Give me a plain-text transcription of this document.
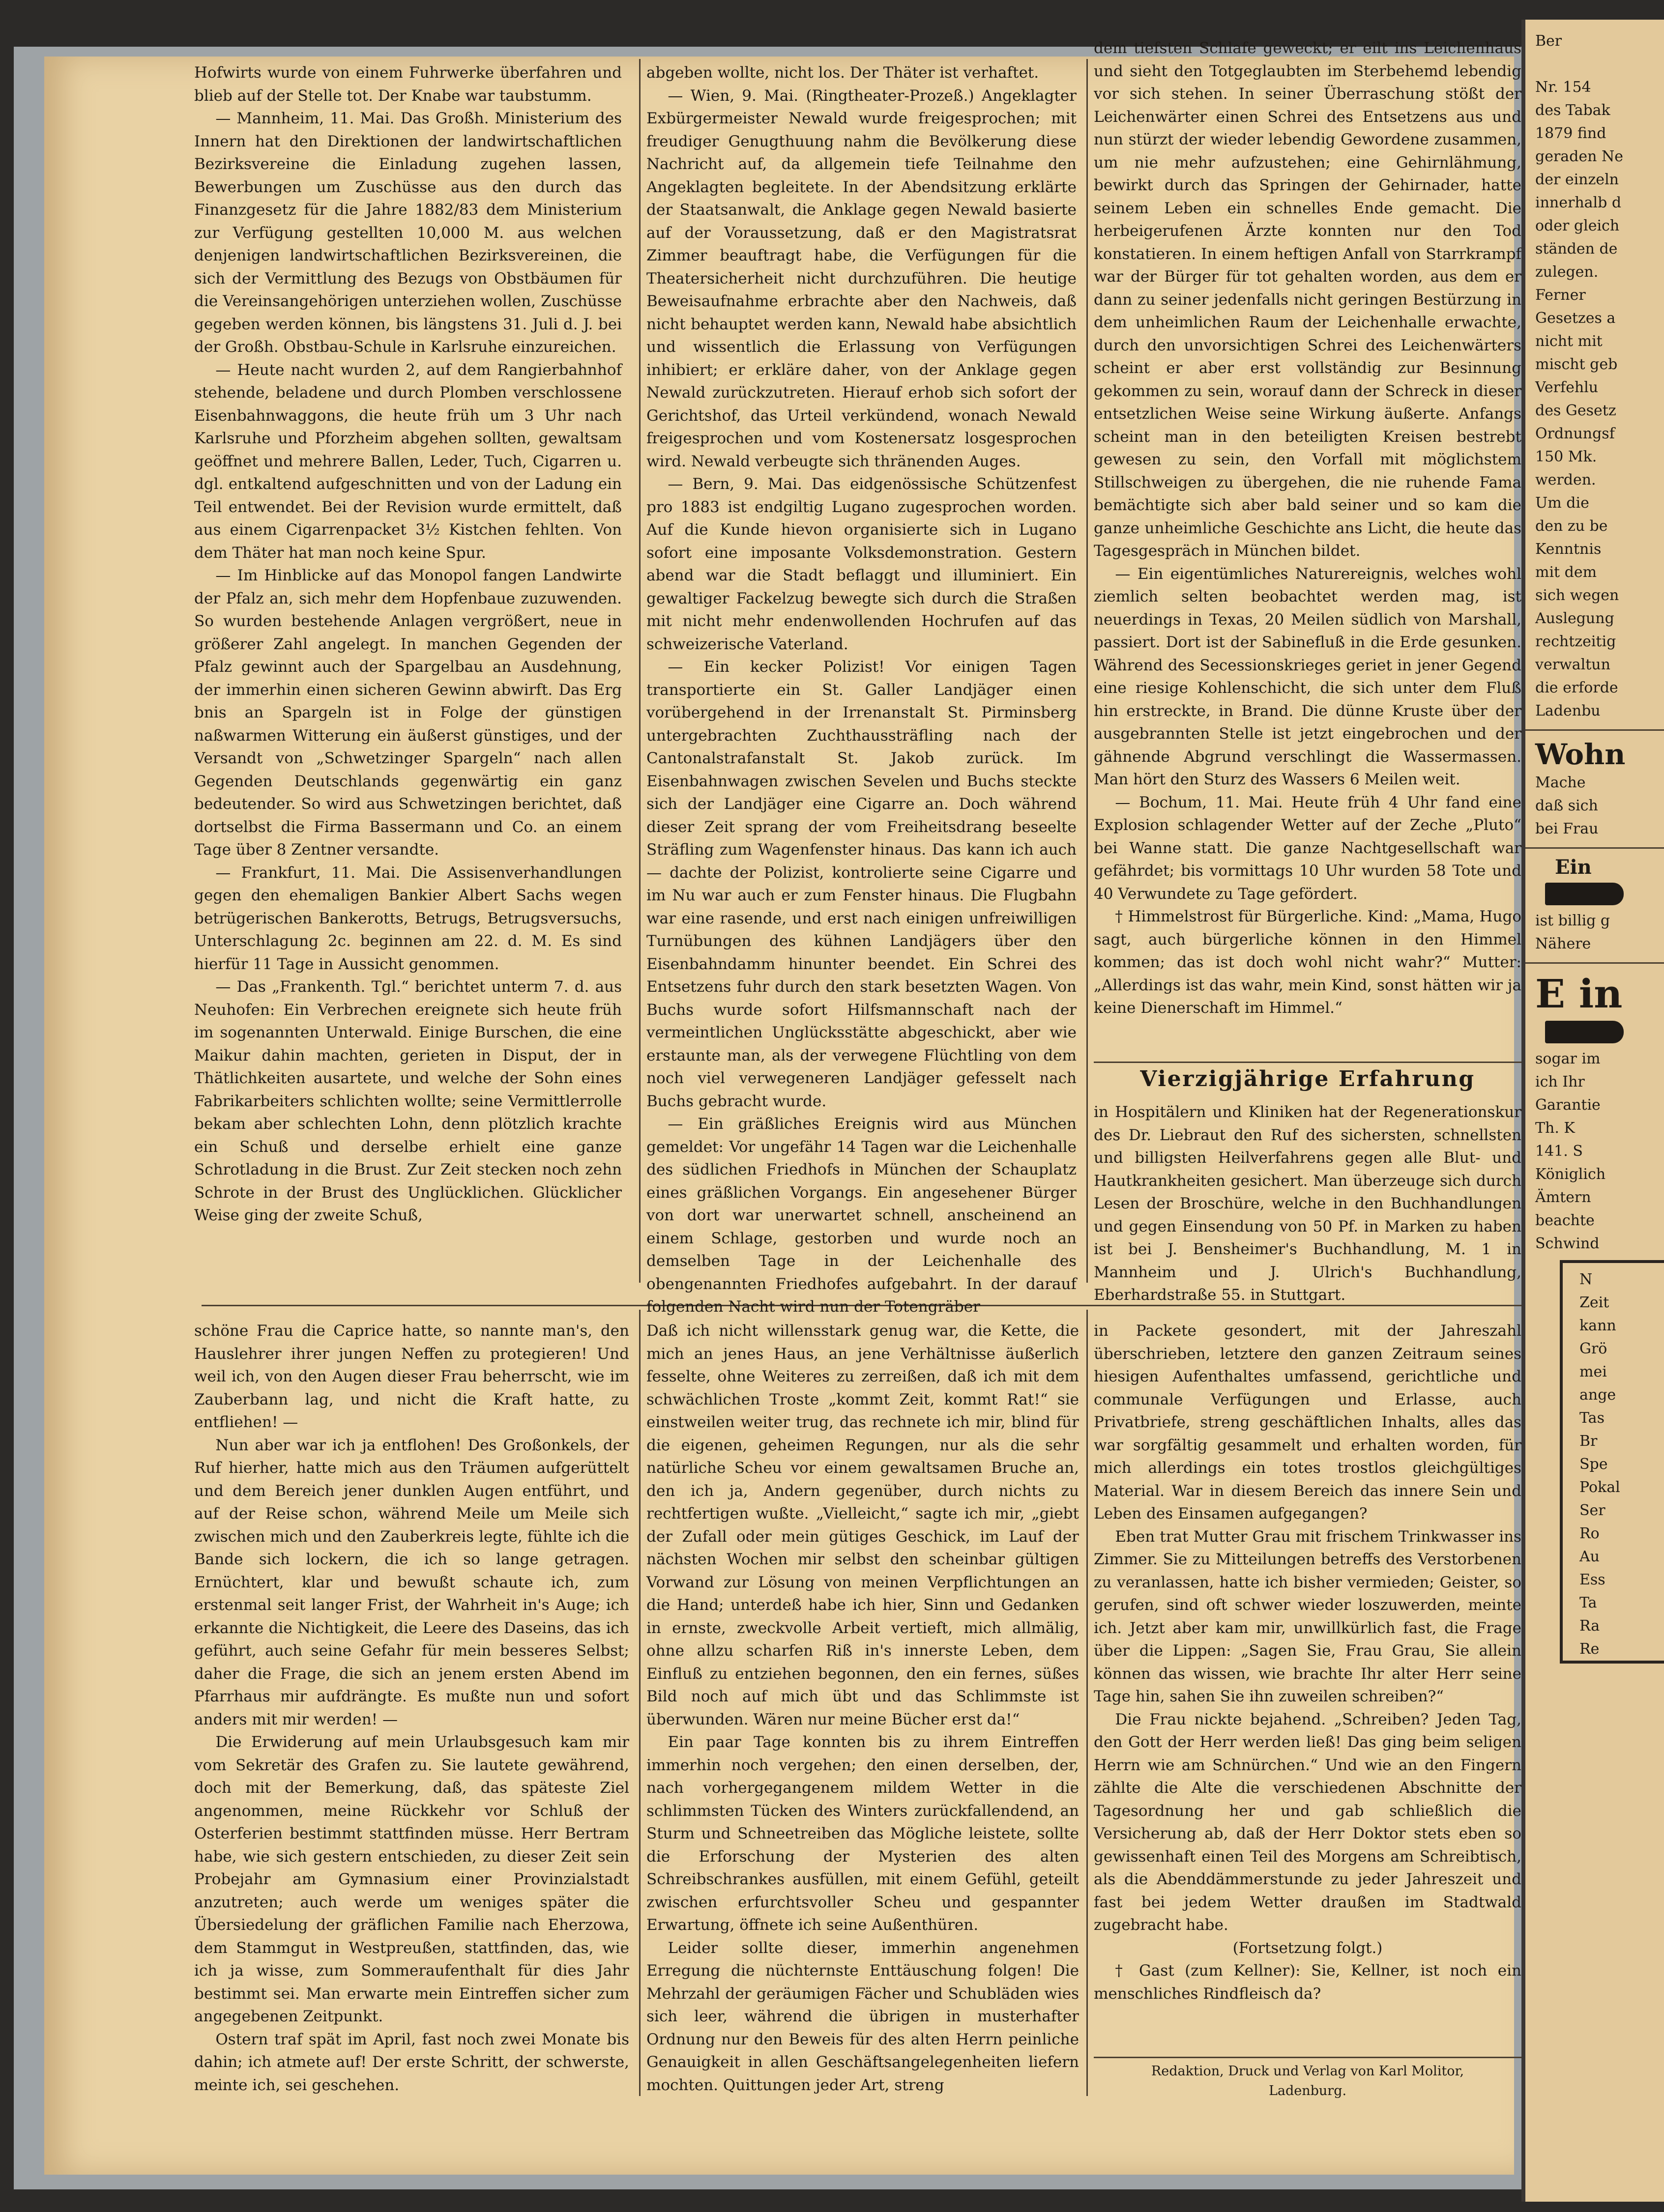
Hofwirts wurde von einem Fuhrwerke überfahren und blieb auf der Stelle tot. Der Knabe war taubstumm.

— Mannheim, 11. Mai. Das Großh. Ministerium des Innern hat den Direktionen der landwirtschaftlichen Bezirksvereine die Einladung zugehen lassen, Bewerbungen um Zuschüsse aus den durch das Finanzgesetz für die Jahre 1882/83 dem Ministerium zur Verfügung gestellten 10,000 M. aus welchen denjenigen landwirtschaftlichen Bezirksvereinen, die sich der Vermittlung des Bezugs von Obstbäumen für die Vereinsangehörigen unterziehen wollen, Zuschüsse gegeben werden können, bis längstens 31. Juli d. J. bei der Großh. Obstbau-Schule in Karlsruhe einzureichen.

— Heute nacht wurden 2, auf dem Rangierbahnhof stehende, beladene und durch Plomben verschlossene Eisenbahnwaggons, die heute früh um 3 Uhr nach Karlsruhe und Pforzheim abgehen sollten, gewaltsam geöffnet und mehrere Ballen, Leder, Tuch, Cigarren u. dgl. entkaltend aufgeschnitten und von der Ladung ein Teil entwendet. Bei der Revision wurde ermittelt, daß aus einem Cigarrenpacket 3½ Kistchen fehlten. Von dem Thäter hat man noch keine Spur.

— Im Hinblicke auf das Monopol fangen Landwirte der Pfalz an, sich mehr dem Hopfenbaue zuzuwenden. So wurden bestehende Anlagen vergrößert, neue in größerer Zahl angelegt. In manchen Gegenden der Pfalz gewinnt auch der Spargelbau an Ausdehnung, der immerhin einen sicheren Gewinn abwirft. Das Erg bnis an Spargeln ist in Folge der günstigen naßwarmen Witterung ein äußerst günstiges, und der Versandt von „Schwetzinger Spargeln“ nach allen Gegenden Deutschlands gegenwärtig ein ganz bedeutender. So wird aus Schwetzingen berichtet, daß dortselbst die Firma Bassermann und Co. an einem Tage über 8 Zentner versandte.

— Frankfurt, 11. Mai. Die Assisenverhandlungen gegen den ehemaligen Bankier Albert Sachs wegen betrügerischen Bankerotts, Betrugs, Betrugsversuchs, Unterschlagung 2c. beginnen am 22. d. M. Es sind hierfür 11 Tage in Aussicht genommen.

— Das „Frankenth. Tgl.“ berichtet unterm 7. d. aus Neuhofen: Ein Verbrechen ereignete sich heute früh im sogenannten Unterwald. Einige Burschen, die eine Maikur dahin machten, gerieten in Disput, der in Thätlichkeiten ausartete, und welche der Sohn eines Fabrikarbeiters schlichten wollte; seine Vermittlerrolle bekam aber schlechten Lohn, denn plötzlich krachte ein Schuß und derselbe erhielt eine ganze Schrotladung in die Brust. Zur Zeit stecken noch zehn Schrote in der Brust des Unglücklichen. Glücklicher Weise ging der zweite Schuß,

abgeben wollte, nicht los. Der Thäter ist verhaftet.

— Wien, 9. Mai. (Ringtheater-Prozeß.) Angeklagter Exbürgermeister Newald wurde freigesprochen; mit freudiger Genugthuung nahm die Bevölkerung diese Nachricht auf, da allgemein tiefe Teilnahme den Angeklagten begleitete. In der Abendsitzung erklärte der Staatsanwalt, die Anklage gegen Newald basierte auf der Voraussetzung, daß er den Magistratsrat Zimmer beauftragt habe, die Verfügungen für die Theatersicherheit nicht durchzuführen. Die heutige Beweisaufnahme erbrachte aber den Nachweis, daß nicht behauptet werden kann, Newald habe absichtlich und wissentlich die Erlassung von Verfügungen inhibiert; er erkläre daher, von der Anklage gegen Newald zurückzutreten. Hierauf erhob sich sofort der Gerichtshof, das Urteil verkündend, wonach Newald freigesprochen und vom Kostenersatz losgesprochen wird. Newald verbeugte sich thränenden Auges.

— Bern, 9. Mai. Das eidgenössische Schützenfest pro 1883 ist endgiltig Lugano zugesprochen worden. Auf die Kunde hievon organisierte sich in Lugano sofort eine imposante Volksdemonstration. Gestern abend war die Stadt beflaggt und illuminiert. Ein gewaltiger Fackelzug bewegte sich durch die Straßen mit nicht mehr endenwollenden Hochrufen auf das schweizerische Vaterland.

— Ein kecker Polizist! Vor einigen Tagen transportierte ein St. Galler Landjäger einen vorübergehend in der Irrenanstalt St. Pirminsberg untergebrachten Zuchthaussträfling nach der Cantonalstrafanstalt St. Jakob zurück. Im Eisenbahnwagen zwischen Sevelen und Buchs steckte sich der Landjäger eine Cigarre an. Doch während dieser Zeit sprang der vom Freiheitsdrang beseelte Sträfling zum Wagenfenster hinaus. Das kann ich auch — dachte der Polizist, kontrolierte seine Cigarre und im Nu war auch er zum Fenster hinaus. Die Flugbahn war eine rasende, und erst nach einigen unfreiwilligen Turnübungen des kühnen Landjägers über den Eisenbahndamm hinunter beendet. Ein Schrei des Entsetzens fuhr durch den stark besetzten Wagen. Von Buchs wurde sofort Hilfsmannschaft nach der vermeintlichen Unglücksstätte abgeschickt, aber wie erstaunte man, als der verwegene Flüchtling von dem noch viel verwegeneren Landjäger gefesselt nach Buchs gebracht wurde.

— Ein gräßliches Ereignis wird aus München gemeldet: Vor ungefähr 14 Tagen war die Leichenhalle des südlichen Friedhofs in München der Schauplatz eines gräßlichen Vorgangs. Ein angesehener Bürger von dort war unerwartet schnell, anscheinend an einem Schlage, gestorben und wurde noch an demselben Tage in der Leichenhalle des obengenannten Friedhofes aufgebahrt. In der darauf folgenden Nacht wird nun der Totengräber

dem tiefsten Schlafe geweckt; er eilt ins Leichenhaus und sieht den Totgeglaubten im Sterbehemd lebendig vor sich stehen. In seiner Überraschung stößt der Leichenwärter einen Schrei des Entsetzens aus und nun stürzt der wieder lebendig Gewordene zusammen, um nie mehr aufzustehen; eine Gehirnlähmung, bewirkt durch das Springen der Gehirnader, hatte seinem Leben ein schnelles Ende gemacht. Die herbeigerufenen Ärzte konnten nur den Tod konstatieren. In einem heftigen Anfall von Starrkrampf war der Bürger für tot gehalten worden, aus dem er dann zu seiner jedenfalls nicht geringen Bestürzung in dem unheimlichen Raum der Leichenhalle erwachte, durch den unvorsichtigen Schrei des Leichenwärters scheint er aber erst vollständig zur Besinnung gekommen zu sein, worauf dann der Schreck in dieser entsetzlichen Weise seine Wirkung äußerte. Anfangs scheint man in den beteiligten Kreisen bestrebt gewesen zu sein, den Vorfall mit möglichstem Stillschweigen zu übergehen, die nie ruhende Fama bemächtigte sich aber bald seiner und so kam die ganze unheimliche Geschichte ans Licht, die heute das Tagesgespräch in München bildet.

— Ein eigentümliches Naturereignis, welches wohl ziemlich selten beobachtet werden mag, ist neuerdings in Texas, 20 Meilen südlich von Marshall, passiert. Dort ist der Sabinefluß in die Erde gesunken. Während des Secessionskrieges geriet in jener Gegend eine riesige Kohlenschicht, die sich unter dem Fluß hin erstreckte, in Brand. Die dünne Kruste über der ausgebrannten Stelle ist jetzt eingebrochen und der gähnende Abgrund verschlingt die Wassermassen. Man hört den Sturz des Wassers 6 Meilen weit.

— Bochum, 11. Mai. Heute früh 4 Uhr fand eine Explosion schlagender Wetter auf der Zeche „Pluto“ bei Wanne statt. Die ganze Nachtgesellschaft war gefährdet; bis vormittags 10 Uhr wurden 58 Tote und 40 Verwundete zu Tage gefördert.

† Himmelstrost für Bürgerliche. Kind: „Mama, Hugo sagt, auch bürgerliche können in den Himmel kommen; das ist doch wohl nicht wahr?“ Mutter: „Allerdings ist das wahr, mein Kind, sonst hätten wir ja keine Dienerschaft im Himmel.“

Vierzigjährige Erfahrung
in Hospitälern und Kliniken hat der Regenerationskur des Dr. Liebraut den Ruf des sichersten, schnellsten und billigsten Heilverfahrens gegen alle Blut- und Hautkrankheiten gesichert. Man überzeuge sich durch Lesen der Broschüre, welche in den Buchhandlungen und gegen Einsendung von 50 Pf. in Marken zu haben ist bei J. Bensheimer's Buchhandlung, M. 1 in Mannheim und J. Ulrich's Buchhandlung, Eberhardstraße 55. in Stuttgart.

schöne Frau die Caprice hatte, so nannte man's, den Hauslehrer ihrer jungen Neffen zu protegieren! Und weil ich, von den Augen dieser Frau beherrscht, wie im Zauberbann lag, und nicht die Kraft hatte, zu entfliehen! —

Nun aber war ich ja entflohen! Des Großonkels, der Ruf hierher, hatte mich aus den Träumen aufgerüttelt und dem Bereich jener dunklen Augen entführt, und auf der Reise schon, während Meile um Meile sich zwischen mich und den Zauberkreis legte, fühlte ich die Bande sich lockern, die ich so lange getragen. Ernüchtert, klar und bewußt schaute ich, zum erstenmal seit langer Frist, der Wahrheit in's Auge; ich erkannte die Nichtigkeit, die Leere des Daseins, das ich geführt, auch seine Gefahr für mein besseres Selbst; daher die Frage, die sich an jenem ersten Abend im Pfarrhaus mir aufdrängte. Es mußte nun und sofort anders mit mir werden! —

Die Erwiderung auf mein Urlaubsgesuch kam mir vom Sekretär des Grafen zu. Sie lautete gewährend, doch mit der Bemerkung, daß, das späteste Ziel angenommen, meine Rückkehr vor Schluß der Osterferien bestimmt stattfinden müsse. Herr Bertram habe, wie sich gestern entschieden, zu dieser Zeit sein Probejahr am Gymnasium einer Provinzialstadt anzutreten; auch werde um weniges später die Übersiedelung der gräflichen Familie nach Eherzowa, dem Stammgut in Westpreußen, stattfinden, das, wie ich ja wisse, zum Sommeraufenthalt für dies Jahr bestimmt sei. Man erwarte mein Eintreffen sicher zum angegebenen Zeitpunkt.

Ostern traf spät im April, fast noch zwei Monate bis dahin; ich atmete auf! Der erste Schritt, der schwerste, meinte ich, sei geschehen.

Daß ich nicht willensstark genug war, die Kette, die mich an jenes Haus, an jene Verhältnisse äußerlich fesselte, ohne Weiteres zu zerreißen, daß ich mit dem schwächlichen Troste „kommt Zeit, kommt Rat!“ sie einstweilen weiter trug, das rechnete ich mir, blind für die eigenen, geheimen Regungen, nur als die sehr natürliche Scheu vor einem gewaltsamen Bruche an, den ich ja, Andern gegenüber, durch nichts zu rechtfertigen wußte. „Vielleicht,“ sagte ich mir, „giebt der Zufall oder mein gütiges Geschick, im Lauf der nächsten Wochen mir selbst den scheinbar gültigen Vorwand zur Lösung von meinen Verpflichtungen an die Hand; unterdeß habe ich hier, Sinn und Gedanken in ernste, zweckvolle Arbeit vertieft, mich allmälig, ohne allzu scharfen Riß in's innerste Leben, dem Einfluß zu entziehen begonnen, den ein fernes, süßes Bild noch auf mich übt und das Schlimmste ist überwunden. Wären nur meine Bücher erst da!“

Ein paar Tage konnten bis zu ihrem Eintreffen immerhin noch vergehen; den einen derselben, der, nach vorhergegangenem mildem Wetter in die schlimmsten Tücken des Winters zurückfallendend, an Sturm und Schneetreiben das Mögliche leistete, sollte die Erforschung der Mysterien des alten Schreibschrankes ausfüllen, mit einem Gefühl, geteilt zwischen erfurchtsvoller Scheu und gespannter Erwartung, öffnete ich seine Außenthüren.

Leider sollte dieser, immerhin angenehmen Erregung die nüchternste Enttäuschung folgen! Die Mehrzahl der geräumigen Fächer und Schubläden wies sich leer, während die übrigen in musterhafter Ordnung nur den Beweis für des alten Herrn peinliche Genauigkeit in allen Geschäftsangelegenheiten liefern mochten. Quittungen jeder Art, streng

in Packete gesondert, mit der Jahreszahl überschrieben, letztere den ganzen Zeitraum seines hiesigen Aufenthaltes umfassend, gerichtliche und communale Verfügungen und Erlasse, auch Privatbriefe, streng geschäftlichen Inhalts, alles das war sorgfältig gesammelt und erhalten worden, für mich allerdings ein totes trostlos gleichgültiges Material. War in diesem Bereich das innere Sein und Leben des Einsamen aufgegangen?

Eben trat Mutter Grau mit frischem Trinkwasser ins Zimmer. Sie zu Mitteilungen betreffs des Verstorbenen zu veranlassen, hatte ich bisher vermieden; Geister, so gerufen, sind oft schwer wieder loszuwerden, meinte ich. Jetzt aber kam mir, unwillkürlich fast, die Frage über die Lippen: „Sagen Sie, Frau Grau, Sie allein können das wissen, wie brachte Ihr alter Herr seine Tage hin, sahen Sie ihn zuweilen schreiben?“

Die Frau nickte bejahend. „Schreiben? Jeden Tag, den Gott der Herr werden ließ! Das ging beim seligen Herrn wie am Schnürchen.“ Und wie an den Fingern zählte die Alte die verschiedenen Abschnitte der Tagesordnung her und gab schließlich die Versicherung ab, daß der Herr Doktor stets eben so gewissenhaft einen Teil des Morgens am Schreibtisch, als die Abenddämmerstunde zu jeder Jahreszeit und fast bei jedem Wetter draußen im Stadtwald zugebracht habe.

(Fortsetzung folgt.)

† Gast (zum Kellner): Sie, Kellner, ist noch ein menschliches Rindfleisch da?

Redaktion, Druck und Verlag von Karl Molitor,
Ladenburg.
Ber

Nr. 154
des Tabak
1879 find
geraden Ne
der einzeln
innerhalb d
oder gleich
ständen de
zulegen.
Ferner
Gesetzes a
nicht mit
mischt geb
Verfehlu
des Gesetz
Ordnungsf
150 Mk.
werden.
Um die
den zu be
Kenntnis
mit dem
sich wegen
Auslegung
rechtzeitig
verwaltun
die erforde
Ladenbu
Wohn
Mache
daß sich
bei Frau
Ein
ist billig g
Nähere
E in
sogar im
ich Ihr
Garantie
Th. K
141. S
Königlich
Ämtern
beachte
Schwind
N
Zeit
kann
Grö
mei
ange
Tas
Br
Spe
Pokal
Ser
Ro
Au
Ess
Ta
Ra
Re
